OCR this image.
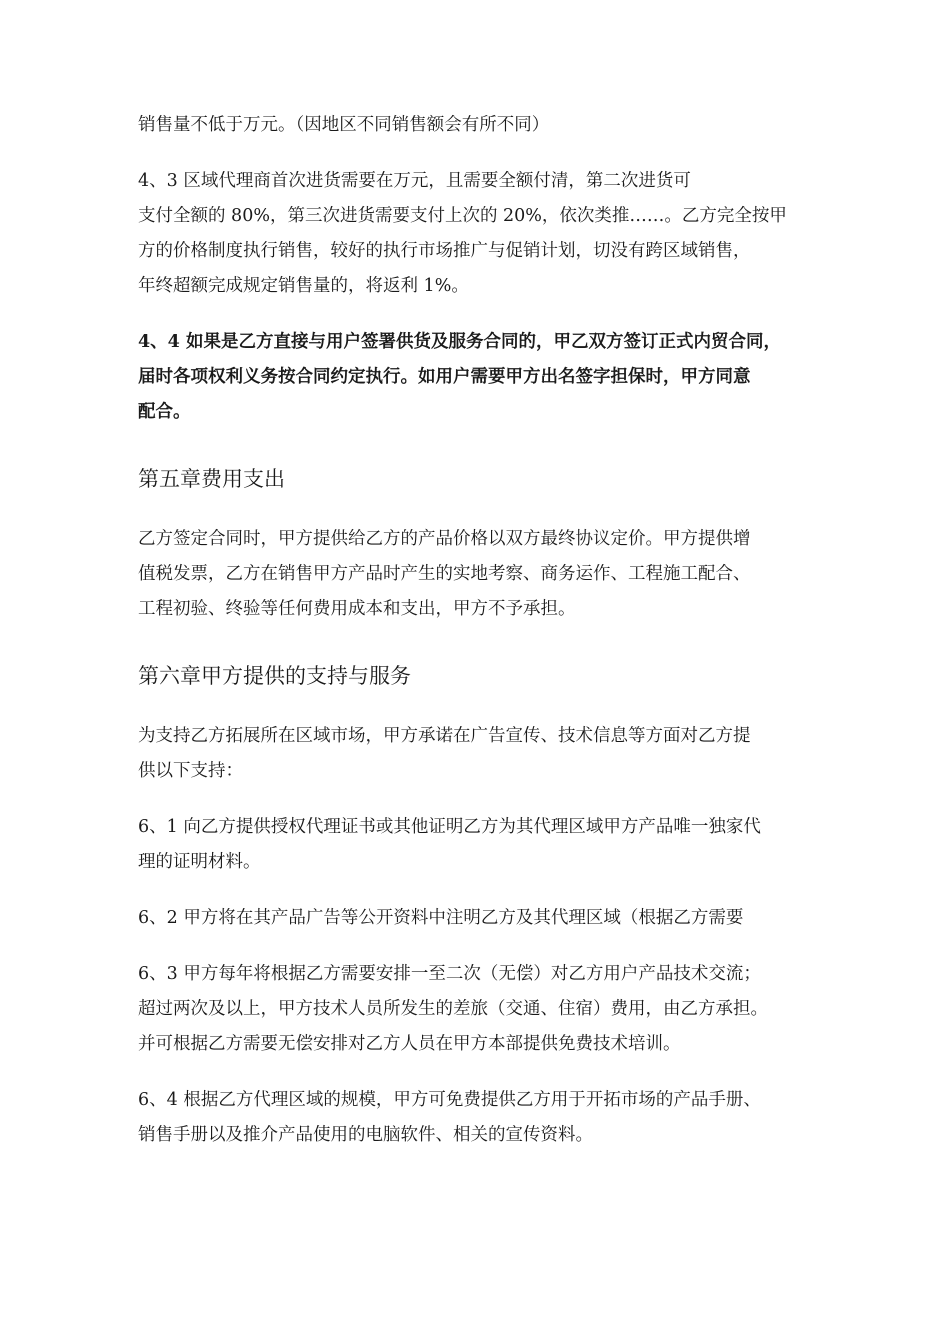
销售量不低于万元。（因地区不同销售额会有所不同）
4、3 区域代理商首次进货需要在万元，且需要全额付清，第二次进货可
支付全额的 80%，第三次进货需要支付上次的 20%，依次类推……。乙方完全按甲
方的价格制度执行销售，较好的执行市场推广与促销计划，切没有跨区域销售，
年终超额完成规定销售量的，将返利 1%。
4、4 如果是乙方直接与用户签署供货及服务合同的，甲乙双方签订正式内贸合同，
届时各项权利义务按合同约定执行。如用户需要甲方出名签字担保时，甲方同意
配合。
第五章费用支出
乙方签定合同时，甲方提供给乙方的产品价格以双方最终协议定价。甲方提供增
值税发票，乙方在销售甲方产品时产生的实地考察、商务运作、工程施工配合、
工程初验、终验等任何费用成本和支出，甲方不予承担。
第六章甲方提供的支持与服务
为支持乙方拓展所在区域市场，甲方承诺在广告宣传、技术信息等方面对乙方提
供以下支持：
6、1 向乙方提供授权代理证书或其他证明乙方为其代理区域甲方产品唯一独家代
理的证明材料。
6、2 甲方将在其产品广告等公开资料中注明乙方及其代理区域（根据乙方需要
6、3 甲方每年将根据乙方需要安排一至二次（无偿）对乙方用户产品技术交流；
超过两次及以上，甲方技术人员所发生的差旅（交通、住宿）费用，由乙方承担。
并可根据乙方需要无偿安排对乙方人员在甲方本部提供免费技术培训。
6、4 根据乙方代理区域的规模，甲方可免费提供乙方用于开拓市场的产品手册、
销售手册以及推介产品使用的电脑软件、相关的宣传资料。
